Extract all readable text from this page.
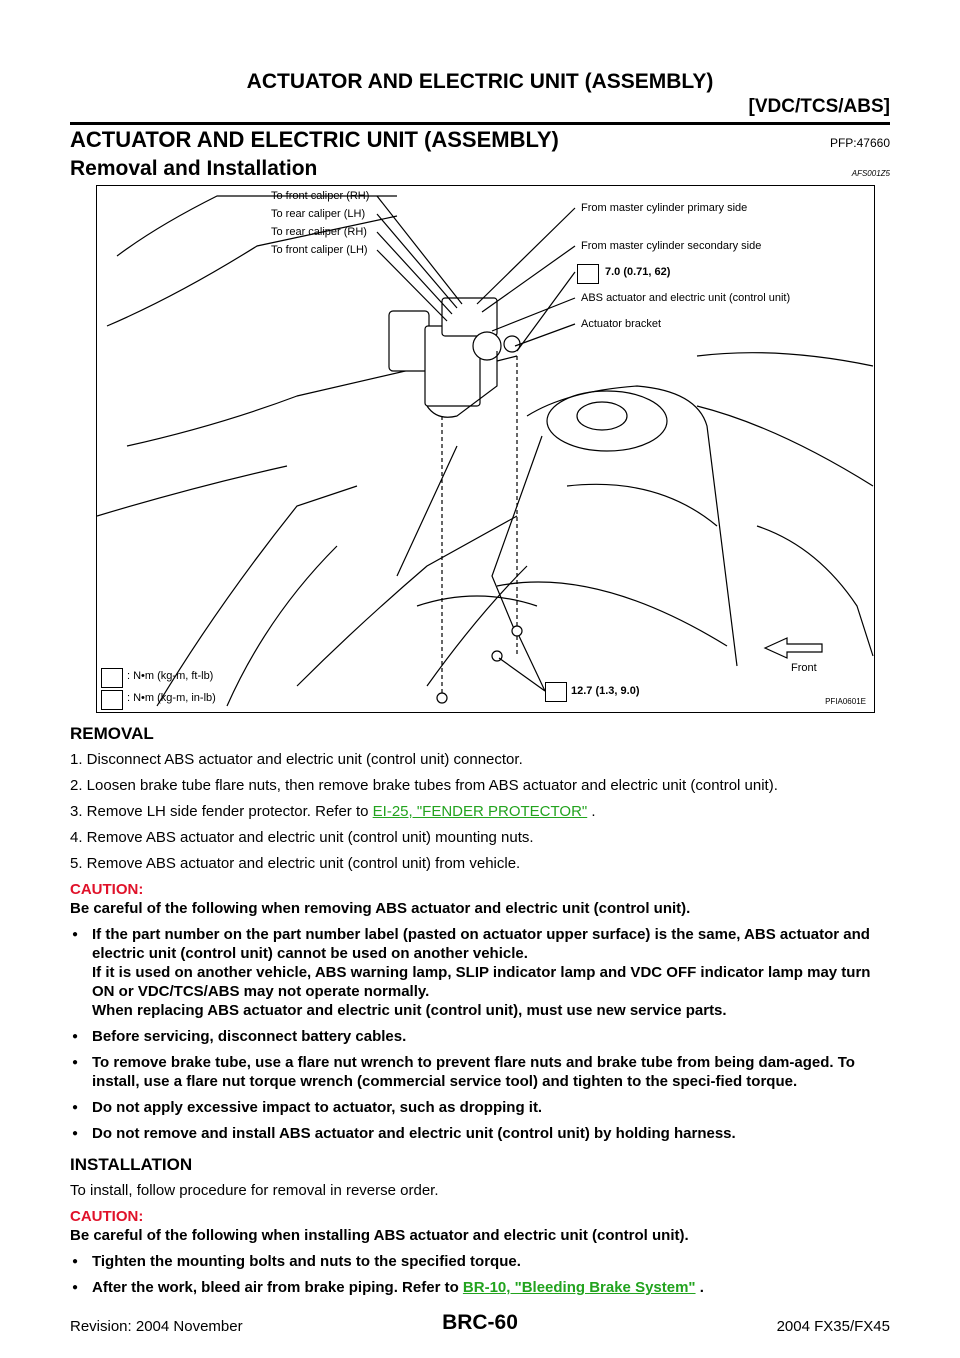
ACTUATOR AND ELECTRIC UNIT (ASSEMBLY)
[VDC/TCS/ABS]
ACTUATOR AND ELECTRIC UNIT (ASSEMBLY)	PFP:47660
Removal and Installation	AFS001Z5
To front caliper (RH)
To rear caliper (LH)
To rear caliper (RH)
To front caliper (LH)
From master cylinder primary side
From master cylinder secondary side
7.0 (0.71, 62)
ABS actuator and electric unit (control unit)
Actuator bracket
Front
12.7 (1.3, 9.0)
: N•m (kg-m, ft-lb)
: N•m (kg-m, in-lb)	PFIA0601E

REMOVAL

1. Disconnect ABS actuator and electric unit (control unit) connector.

2. Loosen brake tube flare nuts, then remove brake tubes from ABS actuator and electric unit (control unit).

3. Remove LH side fender protector. Refer to EI-25, "FENDER PROTECTOR" .

4. Remove ABS actuator and electric unit (control unit) mounting nuts.

5. Remove ABS actuator and electric unit (control unit) from vehicle.

CAUTION:

Be careful of the following when removing ABS actuator and electric unit (control unit).

● If the part number on the part number label (pasted on actuator upper surface) is the same, ABS actuator and electric unit (control unit) cannot be used on another vehicle.

If it is used on another vehicle, ABS warning lamp, SLIP indicator lamp and VDC OFF indicator lamp may turn ON or VDC/TCS/ABS may not operate normally.

When replacing ABS actuator and electric unit (control unit), must use new service parts.

● Before servicing, disconnect battery cables.

● To remove brake tube, use a flare nut wrench to prevent flare nuts and brake tube from being dam-aged. To install, use a flare nut torque wrench (commercial service tool) and tighten to the speci-fied torque.

● Do not apply excessive impact to actuator, such as dropping it.

● Do not remove and install ABS actuator and electric unit (control unit) by holding harness.

INSTALLATION

To install, follow procedure for removal in reverse order.

CAUTION:

Be careful of the following when installing ABS actuator and electric unit (control unit).

● Tighten the mounting bolts and nuts to the specified torque.

● After the work, bleed air from brake piping. Refer to BR-10, "Bleeding Brake System" .

Revision: 2004 November	BRC-60	2004 FX35/FX45
